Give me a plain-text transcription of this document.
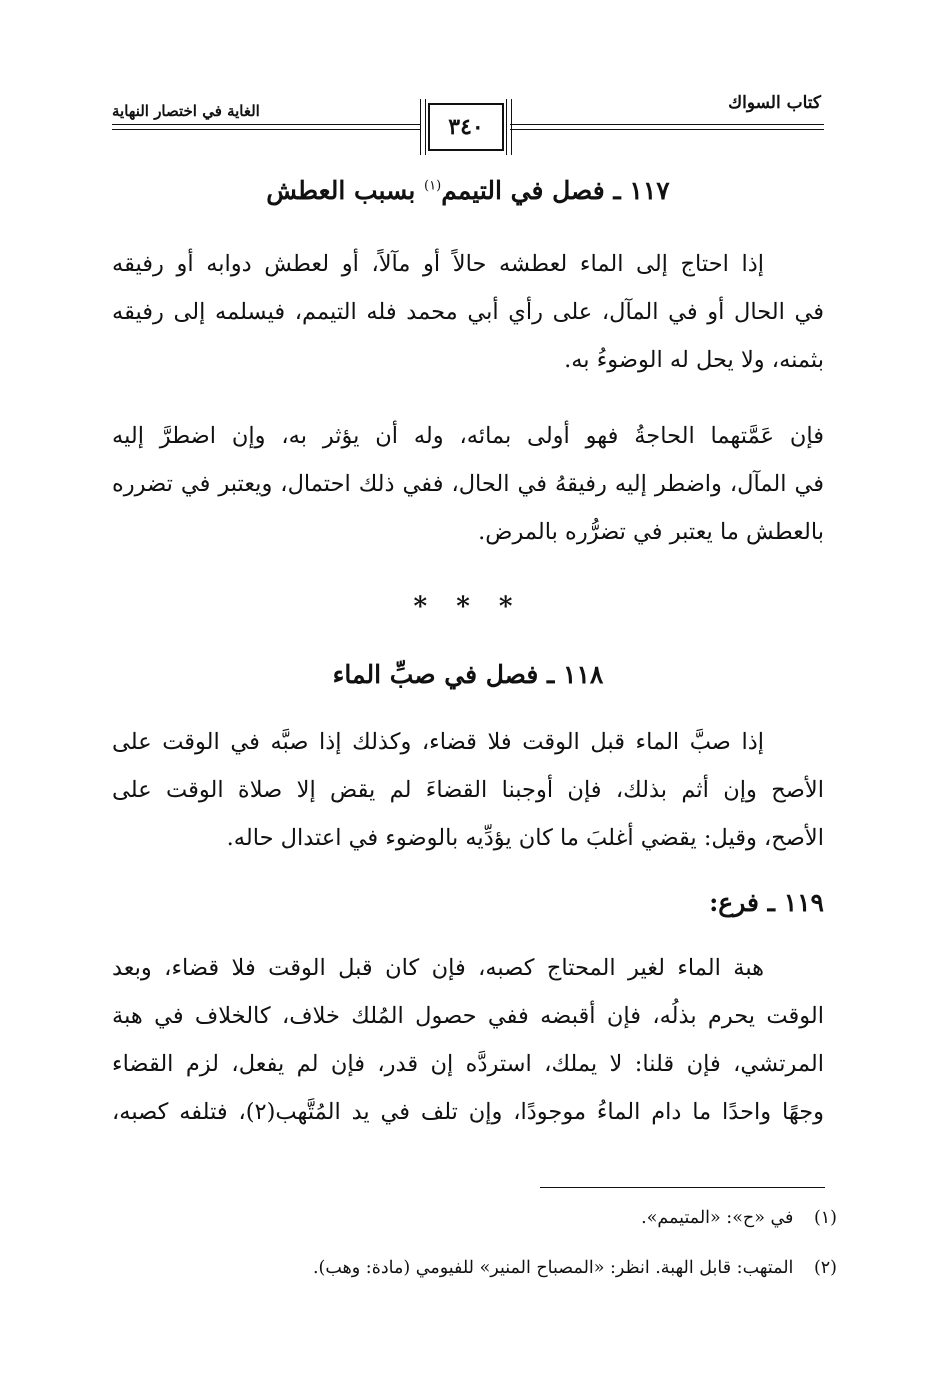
كتاب السواك
الغاية في اختصار النهاية
٣٤٠
١١٧ ـ فصل في التيمم$^{(١)}$ بسبب العطش
إذا احتاج إلى الماء لعطشه حالاً أو مآلاً، أو لعطش دوابه أو رفيقه
في الحال أو في المآل، على رأي أبي محمد فله التيمم، فيسلمه إلى رفيقه
بثمنه، ولا يحل له الوضوءُ به.
فإن عَمَّتهما الحاجةُ فهو أولى بمائه، وله أن يؤثر به، وإن اضطرَّ إليه
في المآل، واضطر إليه رفيقهُ في الحال، ففي ذلك احتمال، ويعتبر في تضرره
بالعطش ما يعتبر في تضرُّره بالمرض.
* * *
١١٨ ـ فصل في صبِّ الماء
إذا صبَّ الماء قبل الوقت فلا قضاء، وكذلك إذا صبَّه في الوقت على
الأصح وإن أثم بذلك، فإن أوجبنا القضاءَ لم يقض إلا صلاة الوقت على
الأصح، وقيل: يقضي أغلبَ ما كان يؤدِّيه بالوضوء في اعتدال حاله.
١١٩ ـ فرع:
هبة الماء لغير المحتاج كصبه، فإن كان قبل الوقت فلا قضاء، وبعد
الوقت يحرم بذلُه، فإن أقبضه ففي حصول المُلك خلاف، كالخلاف في هبة
المرتشي، فإن قلنا: لا يملك، استردَّه إن قدر، فإن لم يفعل، لزم القضاء
وجهًا واحدًا ما دام الماءُ موجودًا، وإن تلف في يد المُتَّهب(٢)، فتلفه كصبه،
(١) في «ح»: «المتيمم».
(٢) المتهب: قابل الهبة. انظر: «المصباح المنير» للفيومي (مادة: وهب).
